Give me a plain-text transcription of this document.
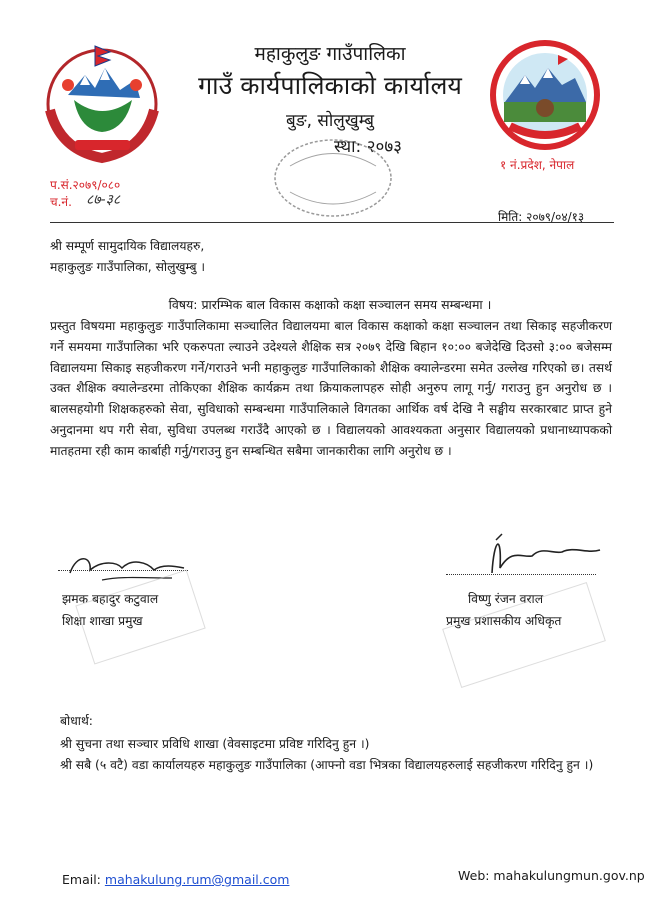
महाकुलुङ गाउँपालिका
गाउँ कार्यपालिकाको कार्यालय
बुङ, सोलुखुम्बु
स्था: २०७३
१ नं.प्रदेश, नेपाल
प.सं.२०७९/०८०
च.नं. ८७-३८
मिति: २०७९/०४/१३
श्री सम्पूर्ण सामुदायिक विद्यालयहरु,
महाकुलुङ गाउँपालिका, सोलुखुम्बु ।
विषय: प्रारम्भिक बाल विकास कक्षाको कक्षा सञ्चालन समय सम्बन्धमा ।
प्रस्तुत विषयमा महाकुलुङ गाउँपालिकामा सञ्चालित विद्यालयमा बाल विकास कक्षाको कक्षा सञ्चालन तथा सिकाइ सहजीकरण गर्ने समयमा गाउँपालिका भरि एकरुपता ल्याउने उदेश्यले शैक्षिक सत्र २०७९ देखि बिहान १०:०० बजेदेखि दिउसो ३:०० बजेसम्म विद्यालयमा सिकाइ सहजीकरण गर्ने/गराउने भनी महाकुलुङ गाउँपालिकाको शैक्षिक क्यालेन्डरमा समेत उल्लेख गरिएको छ। तसर्थ उक्त शैक्षिक क्यालेन्डरमा तोकिएका शैक्षिक कार्यक्रम तथा क्रियाकलापहरु सोही अनुरुप लागू गर्नु/ गराउनु हुन अनुरोध छ । बालसहयोगी शिक्षकहरुको सेवा, सुविधाको सम्बन्धमा गाउँपालिकाले विगतका आर्थिक वर्ष देखि नै सङ्घीय सरकारबाट प्राप्त हुने अनुदानमा थप गरी सेवा, सुविधा उपलब्ध गराउँदै आएको छ । विद्यालयको आवश्यकता अनुसार विद्यालयको प्रधानाध्यापकको मातहतमा रही काम कार्बाही गर्नु/गराउनु हुन सम्बन्धित सबैमा जानकारीका लागि अनुरोध छ ।
झमक बहादुर कटुवाल
शिक्षा शाखा प्रमुख
विष्णु रंजन वराल
प्रमुख प्रशासकीय अधिकृत
बोधार्थ:
श्री सुचना तथा सञ्चार प्रविधि शाखा (वेवसाइटमा प्रविष्ट गरिदिनु हुन ।)
श्री सबै (५ वटै) वडा कार्यालयहरु महाकुलुङ गाउँपालिका (आफ्नो वडा भित्रका विद्यालयहरुलाई सहजीकरण गरिदिनु हुन ।)
Email: mahakulung.rum@gmail.com	Web: mahakulungmun.gov.np
